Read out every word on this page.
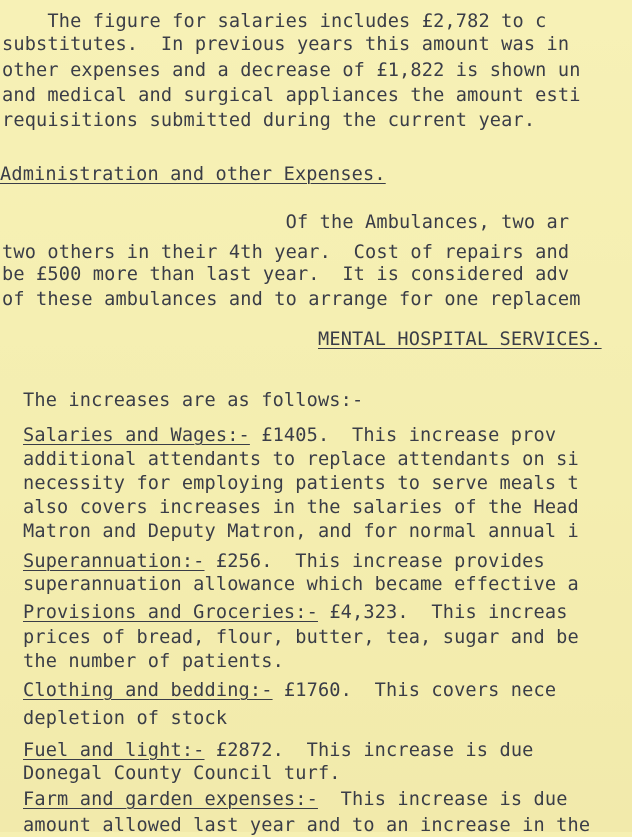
The figure for salaries includes £2,782 to c
substitutes.  In previous years this amount was in
other expenses and a decrease of £1,822 is shown un
and medical and surgical appliances the amount esti
requisitions submitted during the current year.
Administration and other Expenses.
Of the Ambulances, two ar
two others in their 4th year.  Cost of repairs and
be £500 more than last year.  It is considered adv
of these ambulances and to arrange for one replacem
MENTAL HOSPITAL SERVICES.
The increases are as follows:-
Salaries and Wages:- £1405.  This increase prov
additional attendants to replace attendants on si
necessity for employing patients to serve meals t
also covers increases in the salaries of the Head
Matron and Deputy Matron, and for normal annual i
Superannuation:- £256.  This increase provides
superannuation allowance which became effective a
Provisions and Groceries:- £4,323.  This increas
prices of bread, flour, butter, tea, sugar and be
the number of patients.
Clothing and bedding:- £1760.  This covers nece
depletion of stock
Fuel and light:- £2872.  This increase is due
Donegal County Council turf.
Farm and garden expenses:-  This increase is due
amount allowed last year and to an increase in the
